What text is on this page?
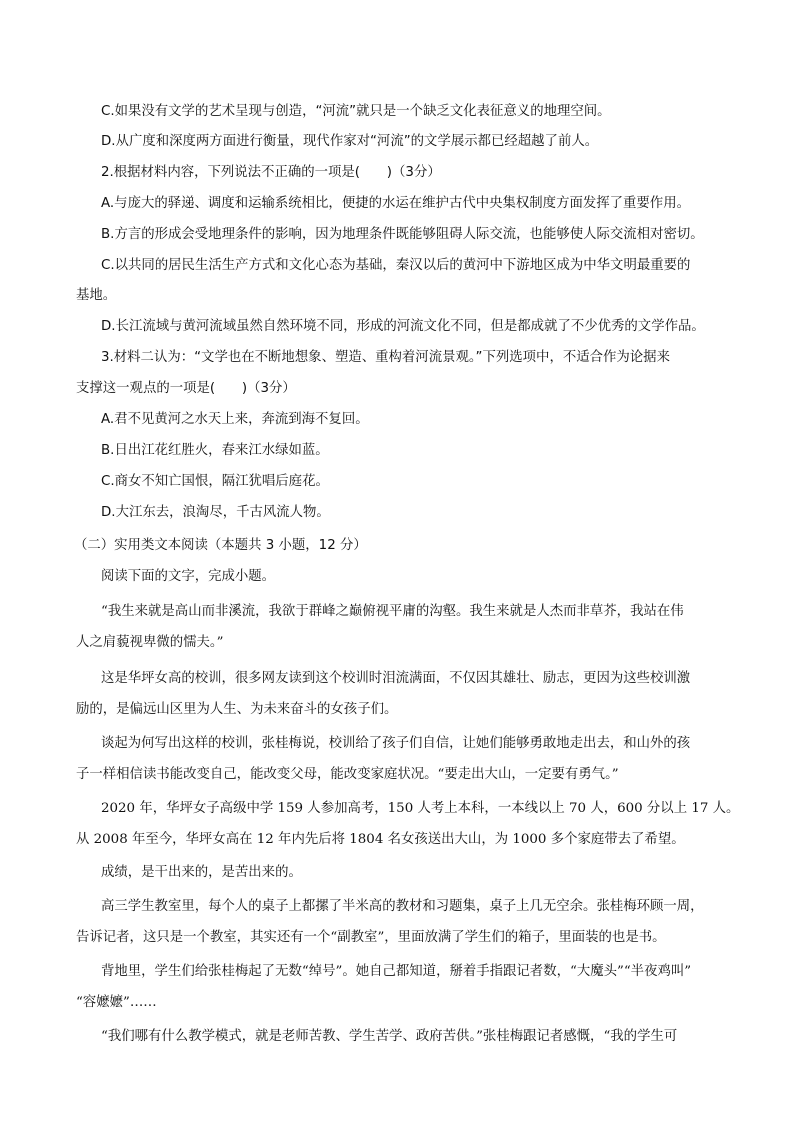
C.如果没有文学的艺术呈现与创造，“河流”就只是一个缺乏文化表征意义的地理空间。
D.从广度和深度两方面进行衡量，现代作家对“河流”的文学展示都已经超越了前人。
2.根据材料内容，下列说法不正确的一项是(　　)（3分）
A.与庞大的驿递、调度和运输系统相比，便捷的水运在维护古代中央集权制度方面发挥了重要作用。
B.方言的形成会受地理条件的影响，因为地理条件既能够阻碍人际交流，也能够使人际交流相对密切。
C.以共同的居民生活生产方式和文化心态为基础，秦汉以后的黄河中下游地区成为中华文明最重要的
基地。
D.长江流域与黄河流域虽然自然环境不同，形成的河流文化不同，但是都成就了不少优秀的文学作品。
3.材料二认为：“文学也在不断地想象、塑造、重构着河流景观。”下列选项中，不适合作为论据来
支撑这一观点的一项是(　　)（3分）
A.君不见黄河之水天上来，奔流到海不复回。
B.日出江花红胜火，春来江水绿如蓝。
C.商女不知亡国恨，隔江犹唱后庭花。
D.大江东去，浪淘尽，千古风流人物。
（二）实用类文本阅读（本题共 3 小题，12 分）
阅读下面的文字，完成小题。
“我生来就是高山而非溪流，我欲于群峰之巅俯视平庸的沟壑。我生来就是人杰而非草芥，我站在伟
人之肩藐视卑微的懦夫。”
这是华坪女高的校训，很多网友读到这个校训时泪流满面，不仅因其雄壮、励志，更因为这些校训激
励的，是偏远山区里为人生、为未来奋斗的女孩子们。
谈起为何写出这样的校训，张桂梅说，校训给了孩子们自信，让她们能够勇敢地走出去，和山外的孩
子一样相信读书能改变自己，能改变父母，能改变家庭状况。“要走出大山，一定要有勇气。”
2020 年，华坪女子高级中学 159 人参加高考，150 人考上本科，一本线以上 70 人，600 分以上 17 人。
从 2008 年至今，华坪女高在 12 年内先后将 1804 名女孩送出大山，为 1000 多个家庭带去了希望。
成绩，是干出来的，是苦出来的。
高三学生教室里，每个人的桌子上都摞了半米高的教材和习题集，桌子上几无空余。张桂梅环顾一周，
告诉记者，这只是一个教室，其实还有一个“副教室”，里面放满了学生们的箱子，里面装的也是书。
背地里，学生们给张桂梅起了无数“绰号”。她自己都知道，掰着手指跟记者数，“大魔头”“半夜鸡叫”
“容嬷嬷”……
“我们哪有什么教学模式，就是老师苦教、学生苦学、政府苦供。”张桂梅跟记者感慨，“我的学生可
